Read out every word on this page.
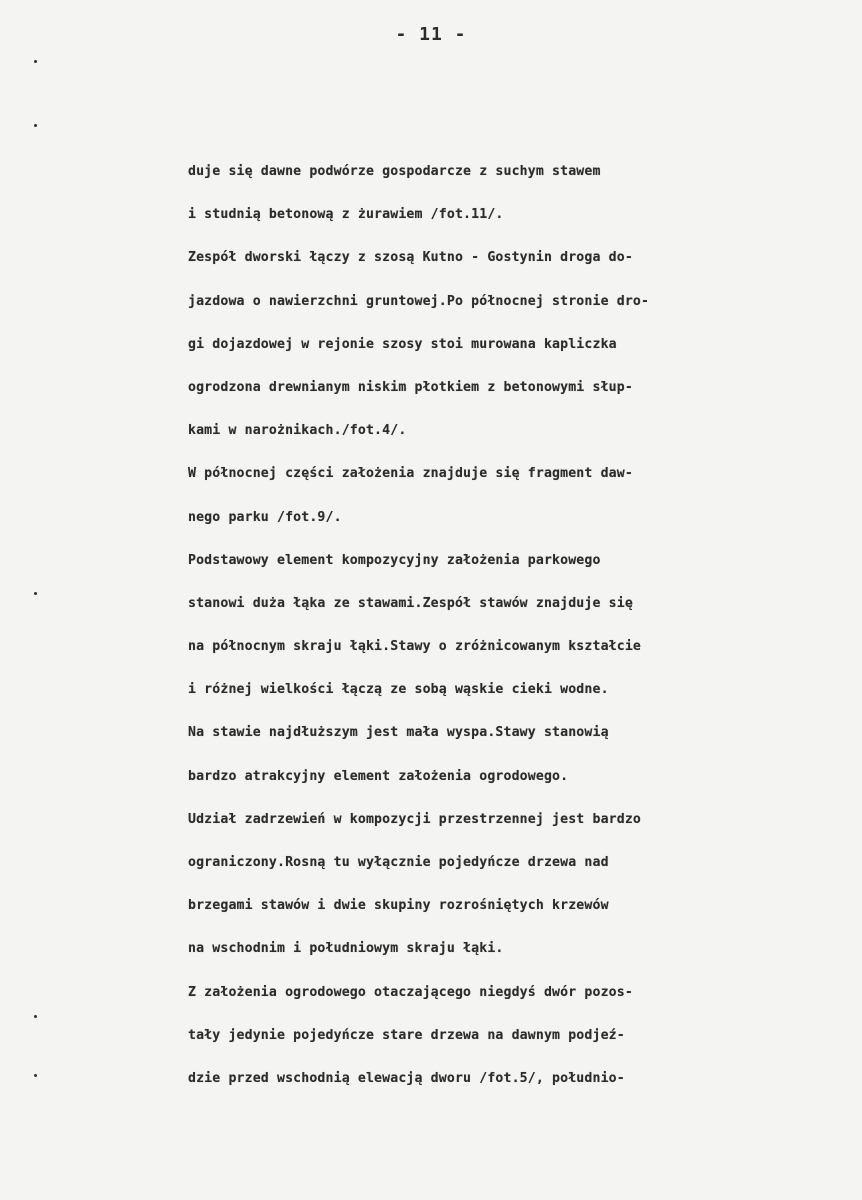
- 11 -
duje się dawne podwórze gospodarcze z suchym stawem
i studnią betonową z żurawiem /fot.11/.
Zespół dworski łączy z szosą Kutno - Gostynin droga do-
jazdowa o nawierzchni gruntowej.Po północnej stronie dro-
gi dojazdowej w rejonie szosy stoi murowana kapliczka
ogrodzona drewnianym niskim płotkiem z betonowymi słup-
kami w narożnikach./fot.4/.
W północnej części założenia znajduje się fragment daw-
nego parku /fot.9/.
Podstawowy element kompozycyjny założenia parkowego
stanowi duża łąka ze stawami.Zespół stawów znajduje się
na północnym skraju łąki.Stawy o zróżnicowanym kształcie
i różnej wielkości łączą ze sobą wąskie cieki wodne.
Na stawie najdłuższym jest mała wyspa.Stawy stanowią
bardzo atrakcyjny element założenia ogrodowego.
Udział zadrzewień w kompozycji przestrzennej jest bardzo
ograniczony.Rosną tu wyłącznie pojedyńcze drzewa nad
brzegami stawów i dwie skupiny rozrośniętych krzewów
na wschodnim i południowym skraju łąki.
Z założenia ogrodowego otaczającego niegdyś dwór pozos-
tały jedynie pojedyńcze stare drzewa na dawnym podjeź-
dzie przed wschodnią elewacją dworu /fot.5/, południo-
